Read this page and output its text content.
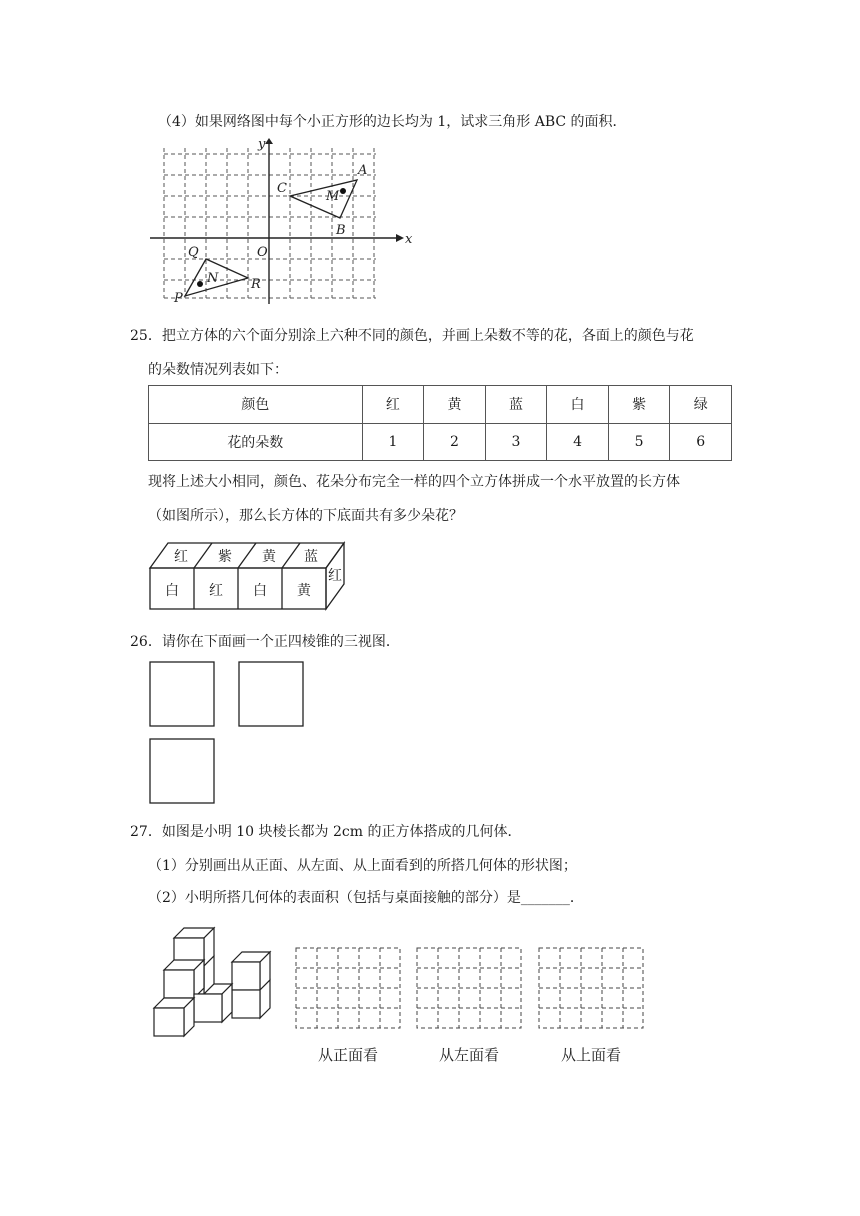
（4）如果网络图中每个小正方形的边长均为 1，试求三角形 ABC 的面积．
x
y
O
A
B
C
M
Q
P
R
N
25．把立方体的六个面分别涂上六种不同的颜色，并画上朵数不等的花，各面上的颜色与花
的朵数情况列表如下：
颜色	红	黄	蓝	白	紫	绿
花的朵数	1	2	3	4	5	6
现将上述大小相同，颜色、花朵分布完全一样的四个立方体拼成一个水平放置的长方体
（如图所示），那么长方体的下底面共有多少朵花？
红 紫 黄 蓝
白 红 白 黄
红
26．请你在下面画一个正四棱锥的三视图．
27．如图是小明 10 块棱长都为 2cm 的正方体搭成的几何体．
（1）分别画出从正面、从左面、从上面看到的所搭几何体的形状图；
（2）小明所搭几何体的表面积（包括与桌面接触的部分）是_______．
从正面看	从左面看	从上面看
